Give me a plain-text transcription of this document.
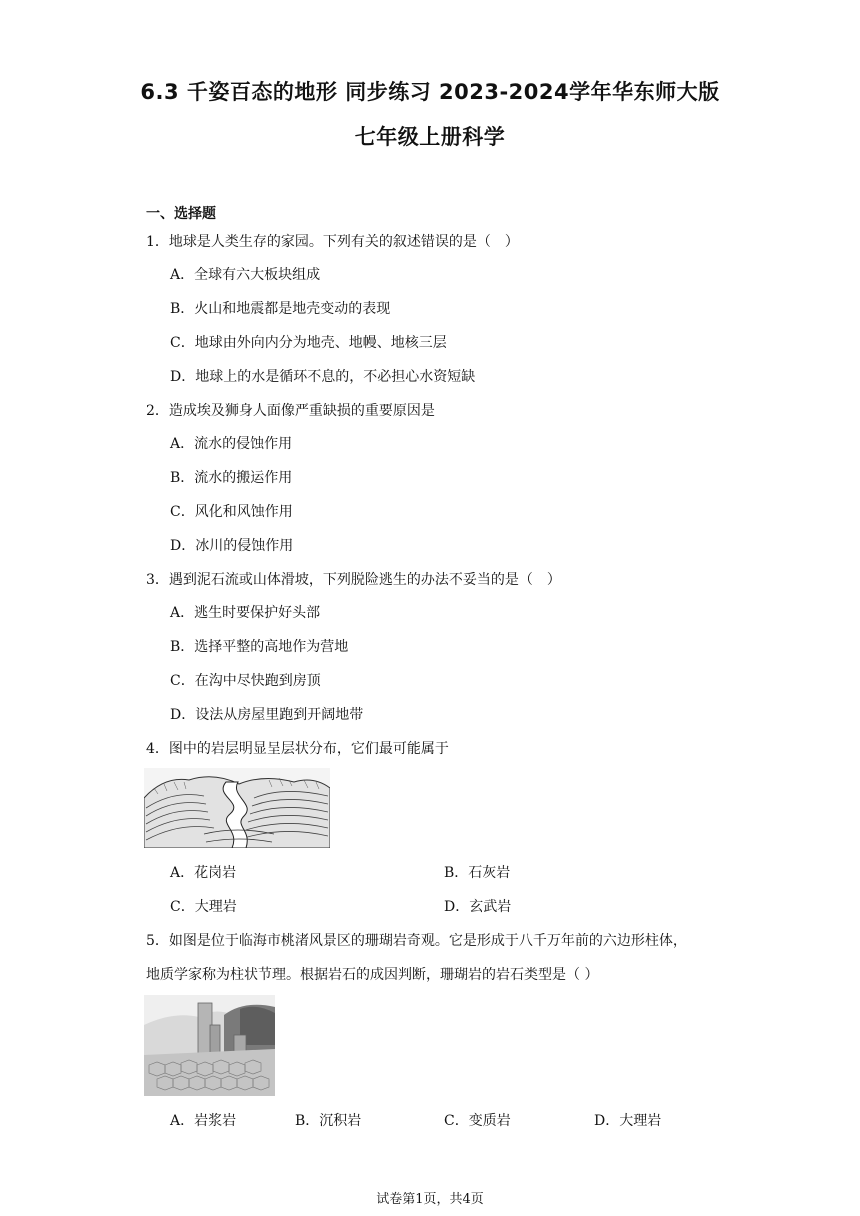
6.3 千姿百态的地形 同步练习 2023-2024学年华东师大版
七年级上册科学
一、选择题
1．地球是人类生存的家园。下列有关的叙述错误的是（　）
A．全球有六大板块组成
B．火山和地震都是地壳变动的表现
C．地球由外向内分为地壳、地幔、地核三层
D．地球上的水是循环不息的，不必担心水资短缺
2．造成埃及狮身人面像严重缺损的重要原因是
A．流水的侵蚀作用
B．流水的搬运作用
C．风化和风蚀作用
D．冰川的侵蚀作用
3．遇到泥石流或山体滑坡，下列脱险逃生的办法不妥当的是（　）
A．逃生时要保护好头部
B．选择平整的高地作为营地
C．在沟中尽快跑到房顶
D．设法从房屋里跑到开阔地带
4．图中的岩层明显呈层状分布，它们最可能属于
A．花岗岩	B．石灰岩
C．大理岩	D．玄武岩
5．如图是位于临海市桃渚风景区的珊瑚岩奇观。它是形成于八千万年前的六边形柱体，
地质学家称为柱状节理。根据岩石的成因判断，珊瑚岩的岩石类型是（ ）
A．岩浆岩	B．沉积岩	C．变质岩	D．大理岩
试卷第1页，共4页
